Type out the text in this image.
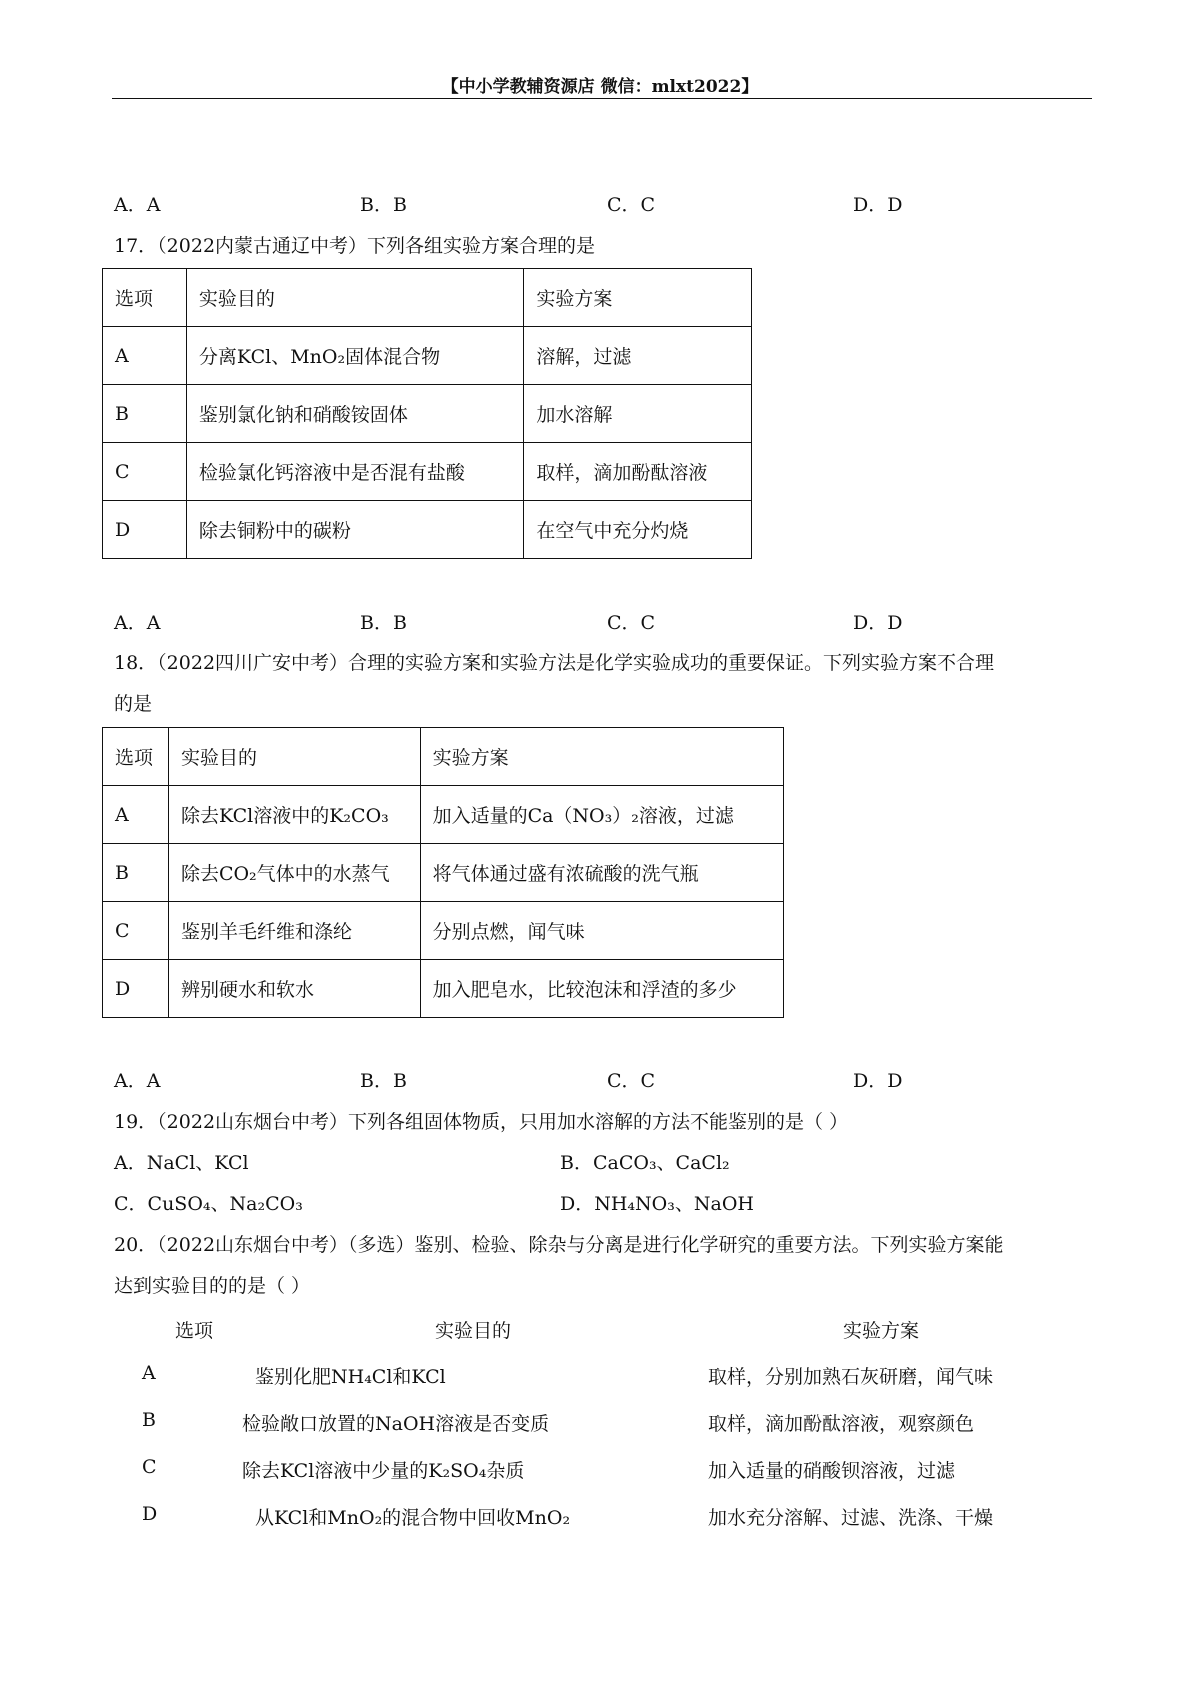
【中小学教辅资源店 微信：mlxt2022】
A．A	B．B	C．C	D．D
17．（2022内蒙古通辽中考）下列各组实验方案合理的是
选项	实验目的	实验方案
A	分离KCl、MnO₂固体混合物	溶解，过滤
B	鉴别氯化钠和硝酸铵固体	加水溶解
C	检验氯化钙溶液中是否混有盐酸	取样，滴加酚酞溶液
D	除去铜粉中的碳粉	在空气中充分灼烧
A．A	B．B	C．C	D．D
18．（2022四川广安中考）合理的实验方案和实验方法是化学实验成功的重要保证。下列实验方案不合理
的是
选项	实验目的	实验方案
A	除去KCl溶液中的K₂CO₃	加入适量的Ca（NO₃）₂溶液，过滤
B	除去CO₂气体中的水蒸气	将气体通过盛有浓硫酸的洗气瓶
C	鉴别羊毛纤维和涤纶	分别点燃，闻气味
D	辨别硬水和软水	加入肥皂水，比较泡沫和浮渣的多少
A．A	B．B	C．C	D．D
19．（2022山东烟台中考）下列各组固体物质，只用加水溶解的方法不能鉴别的是（ ）
A．NaCl、KCl	B．CaCO₃、CaCl₂
C．CuSO₄、Na₂CO₃	D．NH₄NO₃、NaOH
20．（2022山东烟台中考）（多选）鉴别、检验、除杂与分离是进行化学研究的重要方法。下列实验方案能
达到实验目的的是（ ）
选项	实验目的	实验方案
A	鉴别化肥NH₄Cl和KCl	取样，分别加熟石灰研磨，闻气味
B	检验敞口放置的NaOH溶液是否变质	取样，滴加酚酞溶液，观察颜色
C	除去KCl溶液中少量的K₂SO₄杂质	加入适量的硝酸钡溶液，过滤
D	从KCl和MnO₂的混合物中回收MnO₂	加水充分溶解、过滤、洗涤、干燥
